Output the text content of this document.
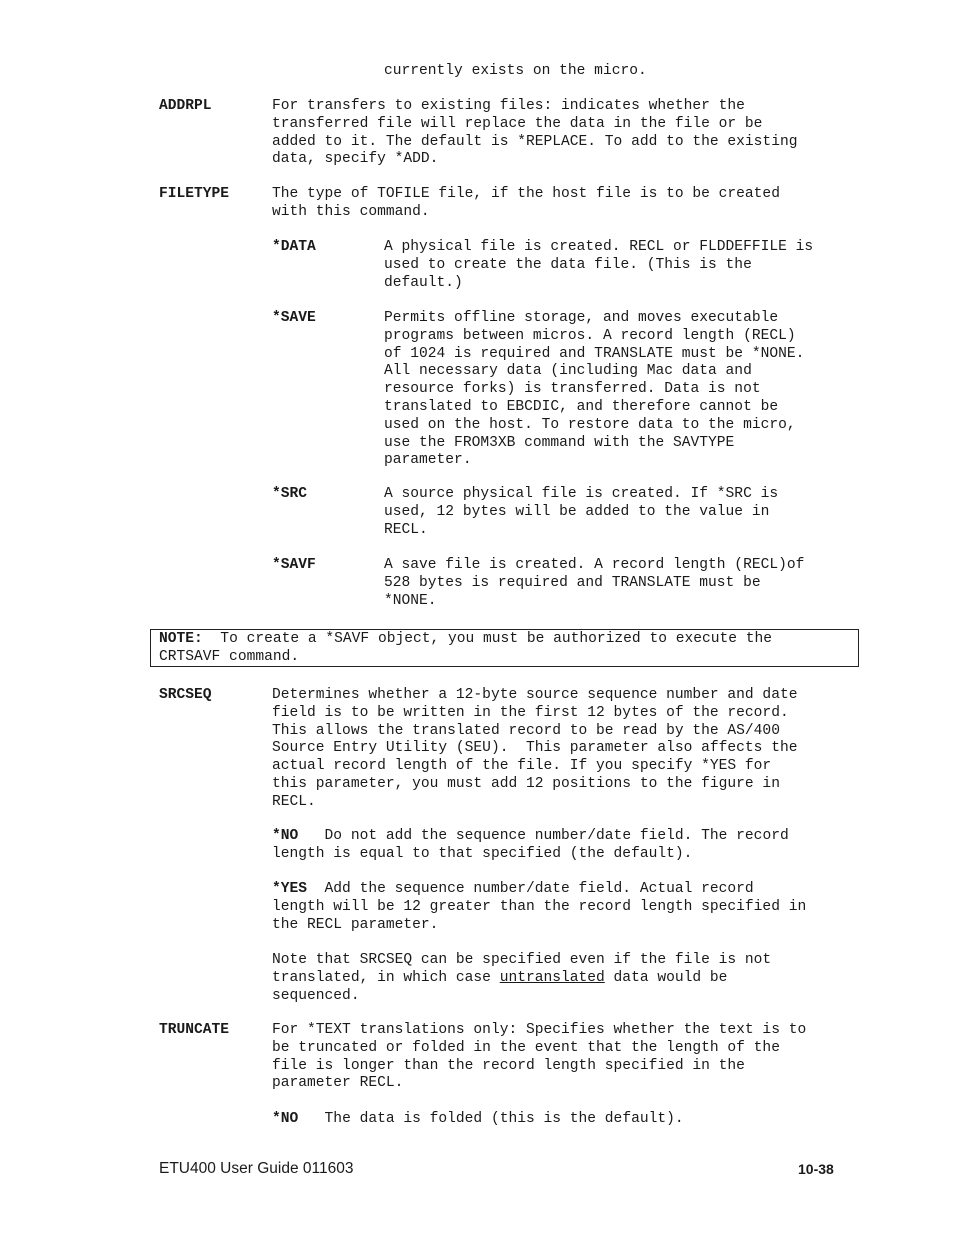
currently exists on the micro.

ADDRPL	For transfers to existing files: indicates whether the

transferred file will replace the data in the file or be

added to it. The default is *REPLACE. To add to the existing

data, specify *ADD.

FILETYPE	The type of TOFILE file, if the host file is to be created

with this command.

*DATA	A physical file is created. RECL or FLDDEFFILE is

used to create the data file. (This is the

default.)

*SAVE	Permits offline storage, and moves executable

programs between micros. A record length (RECL)

of 1024 is required and TRANSLATE must be *NONE.

All necessary data (including Mac data and

resource forks) is transferred. Data is not

translated to EBCDIC, and therefore cannot be

used on the host. To restore data to the micro,

use the FROM3XB command with the SAVTYPE

parameter.

*SRC	A source physical file is created. If *SRC is

used, 12 bytes will be added to the value in

RECL.

*SAVF	A save file is created. A record length (RECL)of

528 bytes is required and TRANSLATE must be

*NONE.

NOTE:  To create a *SAVF object, you must be authorized to execute the

CRTSAVF command.

SRCSEQ	Determines whether a 12-byte source sequence number and date

field is to be written in the first 12 bytes of the record.

This allows the translated record to be read by the AS/400

Source Entry Utility (SEU).  This parameter also affects the

actual record length of the file. If you specify *YES for

this parameter, you must add 12 positions to the figure in

RECL.

*NO   Do not add the sequence number/date field. The record

length is equal to that specified (the default).

*YES  Add the sequence number/date field. Actual record

length will be 12 greater than the record length specified in

the RECL parameter.

Note that SRCSEQ can be specified even if the file is not

translated, in which case untranslated data would be

sequenced.

TRUNCATE	For *TEXT translations only: Specifies whether the text is to

be truncated or folded in the event that the length of the

file is longer than the record length specified in the

parameter RECL.

*NO   The data is folded (this is the default).

ETU400 User Guide 011603	10-38
